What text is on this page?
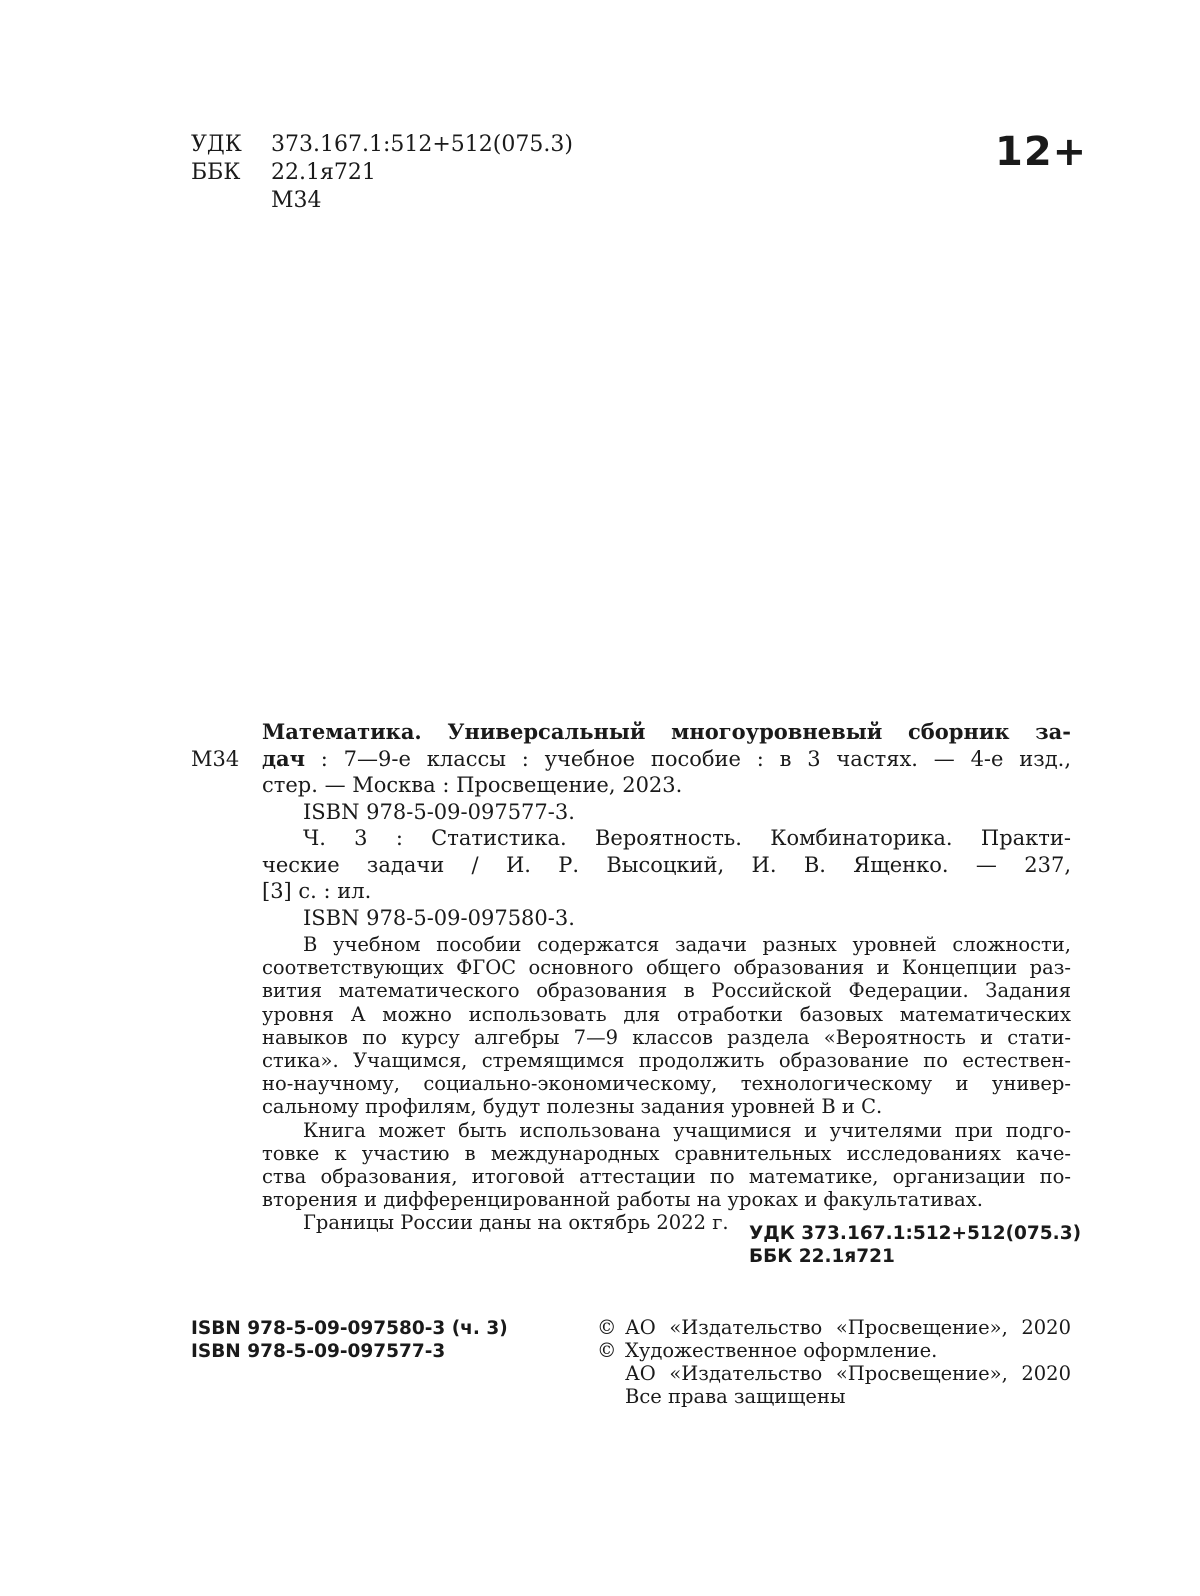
УДК	373.167.1:512+512(075.3)
ББК	22.1я721
М34
12+
М34
Математика. Универсальный многоуровневый сборник за-
дач : 7—9-е классы : учебное пособие : в 3 частях. — 4-е изд.,
стер. — Москва : Просвещение, 2023.
ISBN 978-5-09-097577-3.
Ч. 3 : Статистика. Вероятность. Комбинаторика. Практи-
ческие задачи / И. Р. Высоцкий, И. В. Ященко. — 237,
[3] с. : ил.
ISBN 978-5-09-097580-3.
В учебном пособии содержатся задачи разных уровней сложности,
соответствующих ФГОС основного общего образования и Концепции раз-
вития математического образования в Российской Федерации. Задания
уровня А можно использовать для отработки базовых математических
навыков по курсу алгебры 7—9 классов раздела «Вероятность и стати-
стика». Учащимся, стремящимся продолжить образование по естествен-
но-научному, социально-экономическому, технологическому и универ-
сальному профилям, будут полезны задания уровней В и С.
Книга может быть использована учащимися и учителями при подго-
товке к участию в международных сравнительных исследованиях каче-
ства образования, итоговой аттестации по математике, организации по-
вторения и дифференцированной работы на уроках и факультативах.
Границы России даны на октябрь 2022 г.	УДК 373.167.1:512+512(075.3)
ББК 22.1я721
ISBN 978-5-09-097580-3 (ч. 3)
ISBN 978-5-09-097577-3
© АО «Издательство «Просвещение», 2020
© Художественное оформление.
АО «Издательство «Просвещение», 2020
Все права защищены
